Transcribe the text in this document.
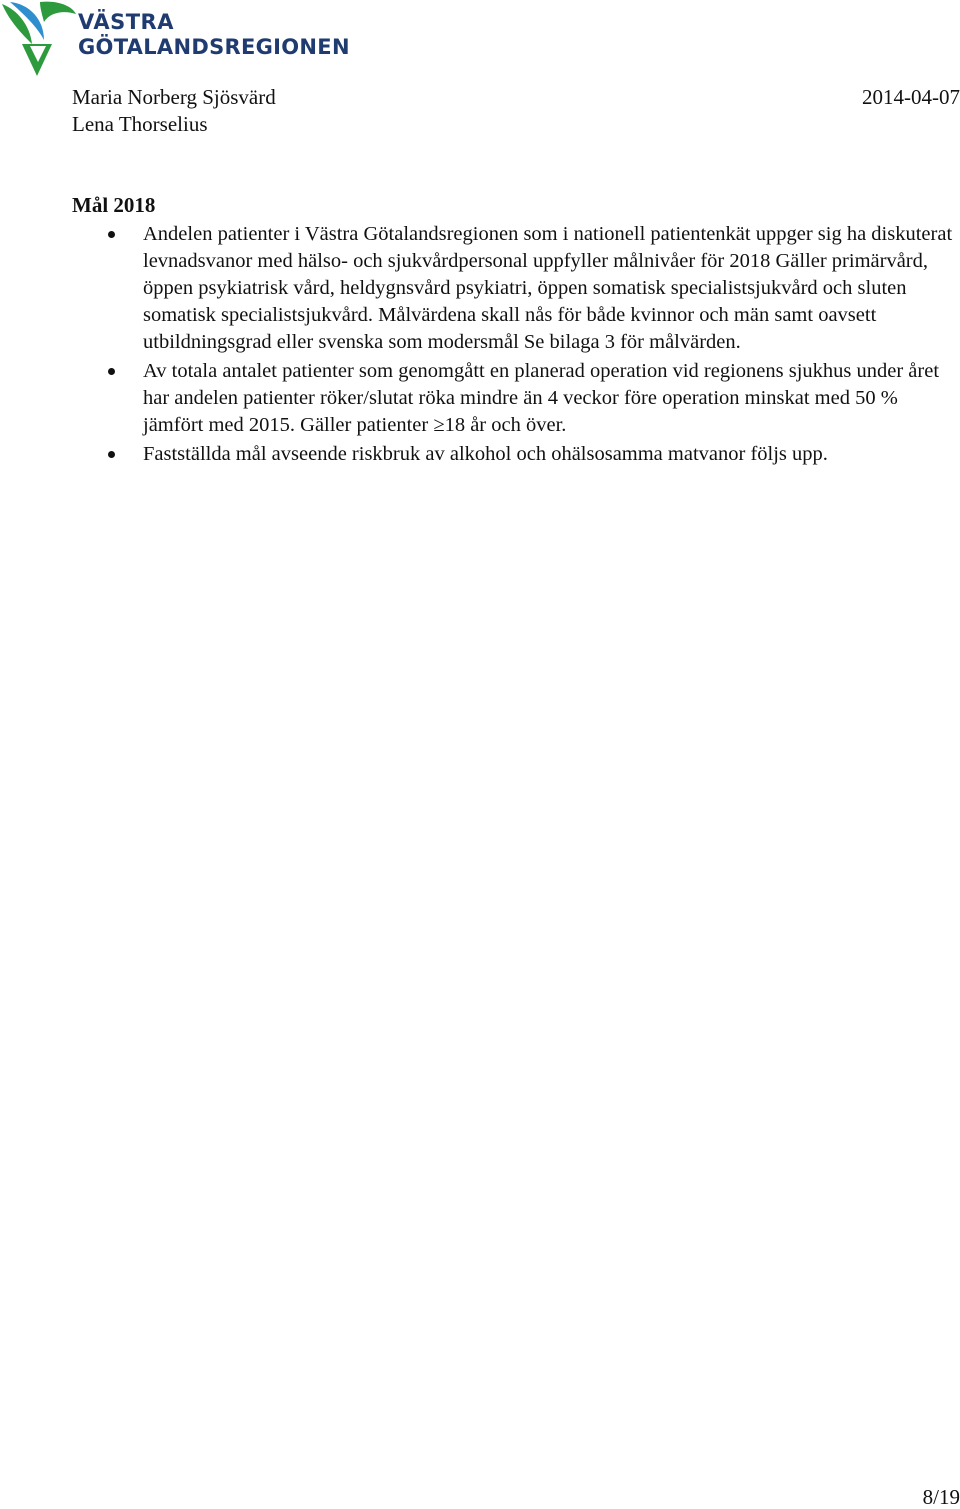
VÄSTRA
GÖTALANDSREGIONEN
Maria Norberg Sjösvärd
Lena Thorselius
2014-04-07
Mål 2018
Andelen patienter i Västra Götalandsregionen som i nationell patientenkät uppger sig ha diskuterat levnadsvanor med hälso- och sjukvårdpersonal uppfyller målnivåer för 2018 Gäller primärvård, öppen psykiatrisk vård, heldygnsvård psykiatri, öppen somatisk specialistsjukvård och sluten somatisk specialistsjukvård. Målvärdena skall nås för både kvinnor och män samt oavsett utbildningsgrad eller svenska som modersmål Se bilaga 3 för målvärden.
Av totala antalet patienter som genomgått en planerad operation vid regionens sjukhus under året har andelen patienter röker/slutat röka mindre än 4 veckor före operation minskat med 50 % jämfört med 2015. Gäller patienter ≥18 år och över.
Fastställda mål avseende riskbruk av alkohol och ohälsosamma matvanor följs upp.
8/19
